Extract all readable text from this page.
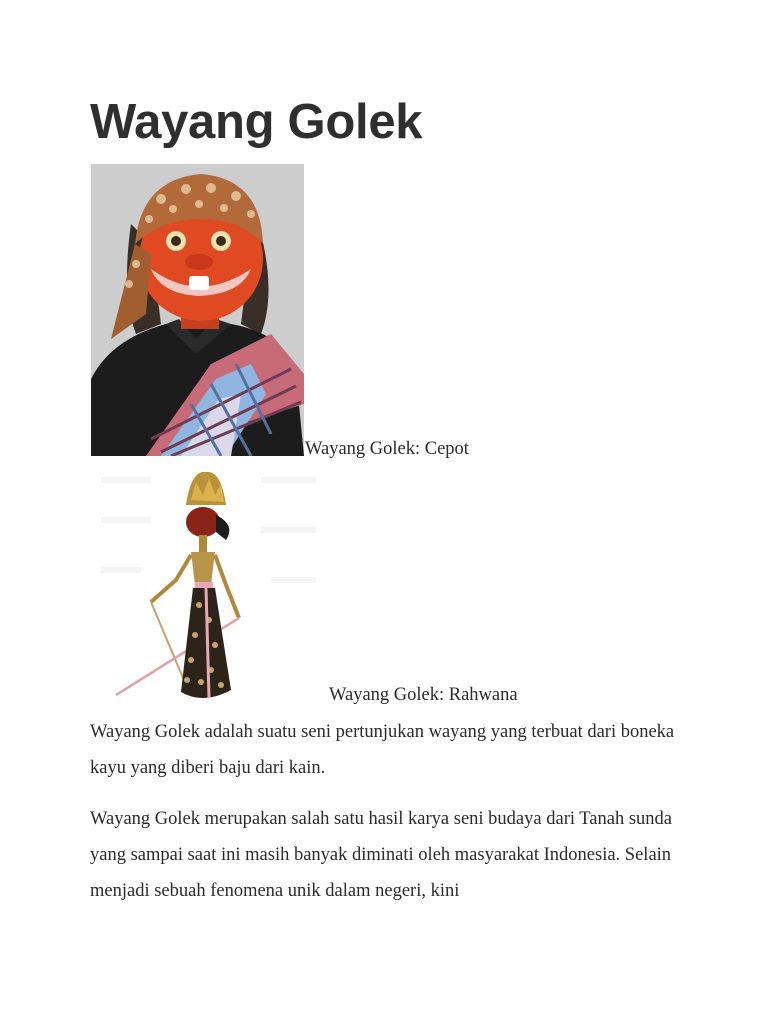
Wayang Golek
Wayang Golek: Cepot
Wayang Golek: Rahwana

Wayang Golek adalah suatu seni pertunjukan wayang yang terbuat dari boneka kayu yang diberi baju dari kain.

Wayang Golek merupakan salah satu hasil karya seni budaya dari Tanah sunda yang sampai saat ini masih banyak diminati oleh masyarakat Indonesia. Selain menjadi sebuah fenomena unik dalam negeri, kini
